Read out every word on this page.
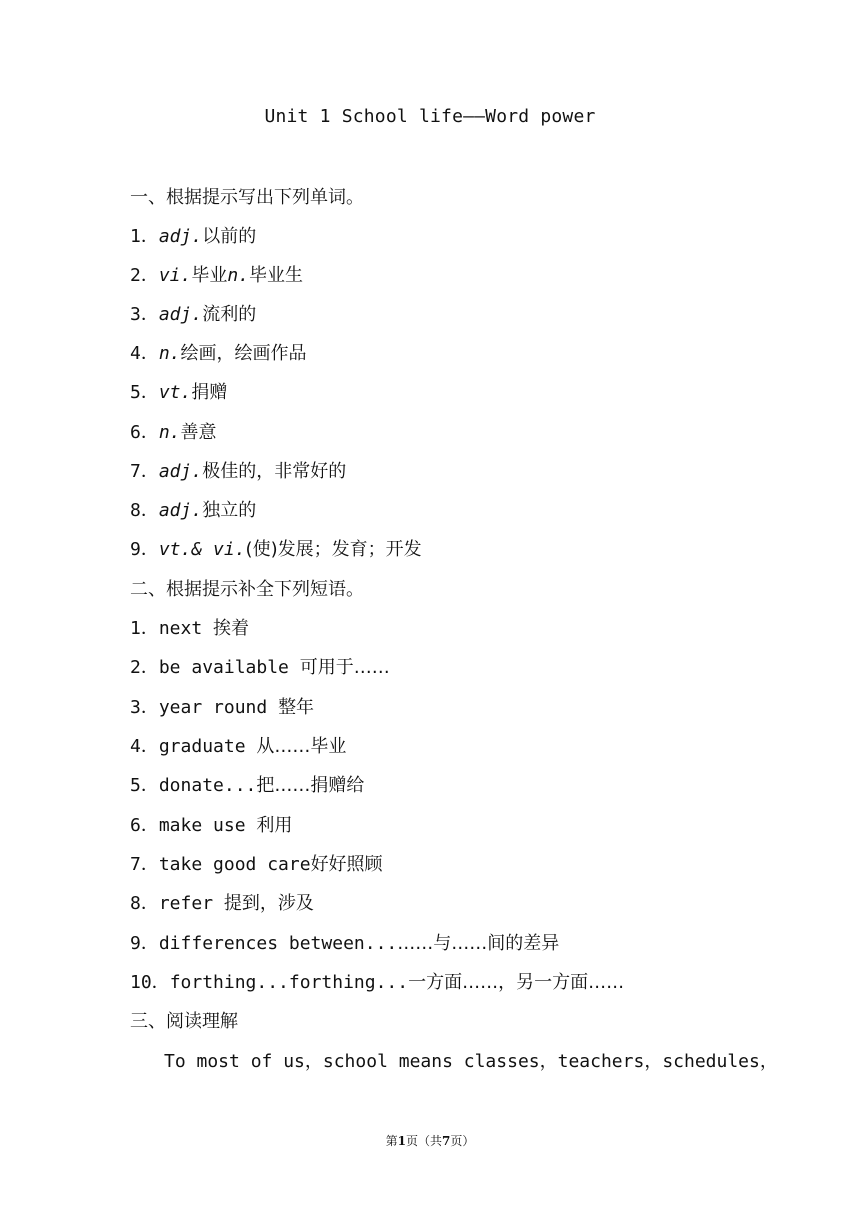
Unit 1 School life——Word power
一、根据提示写出下列单词。
1．adj.以前的
2．vi.毕业n.毕业生
3．adj.流利的
4．n.绘画，绘画作品
5．vt.捐赠
6．n.善意
7．adj.极佳的，非常好的
8．adj.独立的
9．vt.& vi.(使)发展；发育；开发
二、根据提示补全下列短语。
1．next 挨着
2．be available 可用于……
3．year round 整年
4．graduate 从……毕业
5．donate...把……捐赠给
6．make use 利用
7．take good care好好照顾
8．refer 提到，涉及
9．differences between...……与……间的差异
10．forthing...forthing...一方面……，另一方面……
三、阅读理解
To most of us，school means classes，teachers，schedules，
第1页（共7页）
